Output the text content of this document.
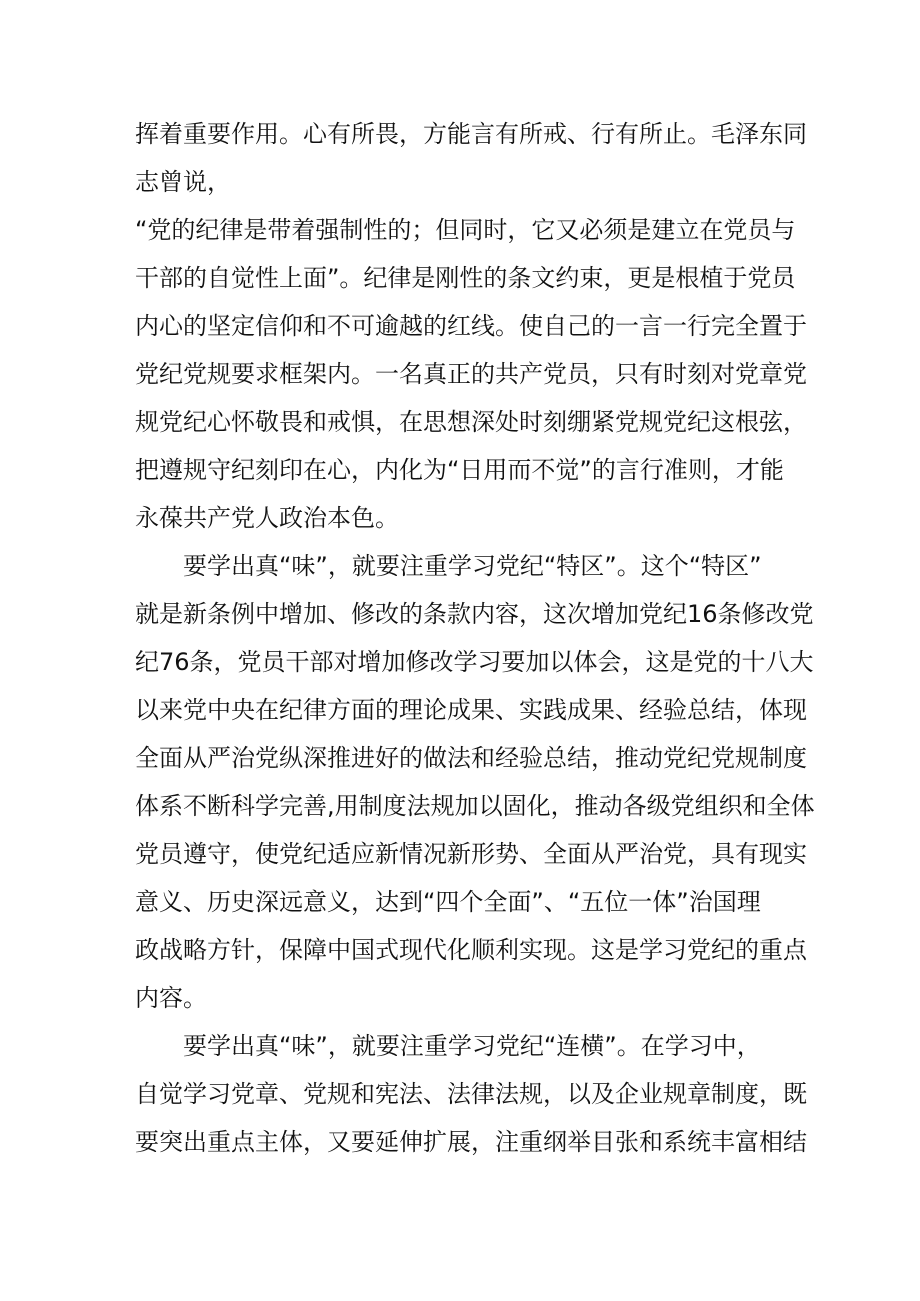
挥着重要作用。心有所畏，方能言有所戒、行有所止。毛泽东同
志曾说，
“党的纪律是带着强制性的；但同时，它又必须是建立在党员与
干部的自觉性上面”。纪律是刚性的条文约束，更是根植于党员
内心的坚定信仰和不可逾越的红线。使自己的一言一行完全置于
党纪党规要求框架内。一名真正的共产党员，只有时刻对党章党
规党纪心怀敬畏和戒惧，在思想深处时刻绷紧党规党纪这根弦，
把遵规守纪刻印在心，内化为“日用而不觉”的言行准则，才能
永葆共产党人政治本色。
要学出真“味”，就要注重学习党纪“特区”。这个“特区”
就是新条例中增加、修改的条款内容，这次增加党纪16条修改党
纪76条，党员干部对增加修改学习要加以体会，这是党的十八大
以来党中央在纪律方面的理论成果、实践成果、经验总结，体现
全面从严治党纵深推进好的做法和经验总结，推动党纪党规制度
体系不断科学完善,用制度法规加以固化，推动各级党组织和全体
党员遵守，使党纪适应新情况新形势、全面从严治党，具有现实
意义、历史深远意义，达到“四个全面”、“五位一体”治国理
政战略方针，保障中国式现代化顺利实现。这是学习党纪的重点
内容。
要学出真“味”，就要注重学习党纪“连横”。在学习中，
自觉学习党章、党规和宪法、法律法规，以及企业规章制度，既
要突出重点主体，又要延伸扩展，注重纲举目张和系统丰富相结
